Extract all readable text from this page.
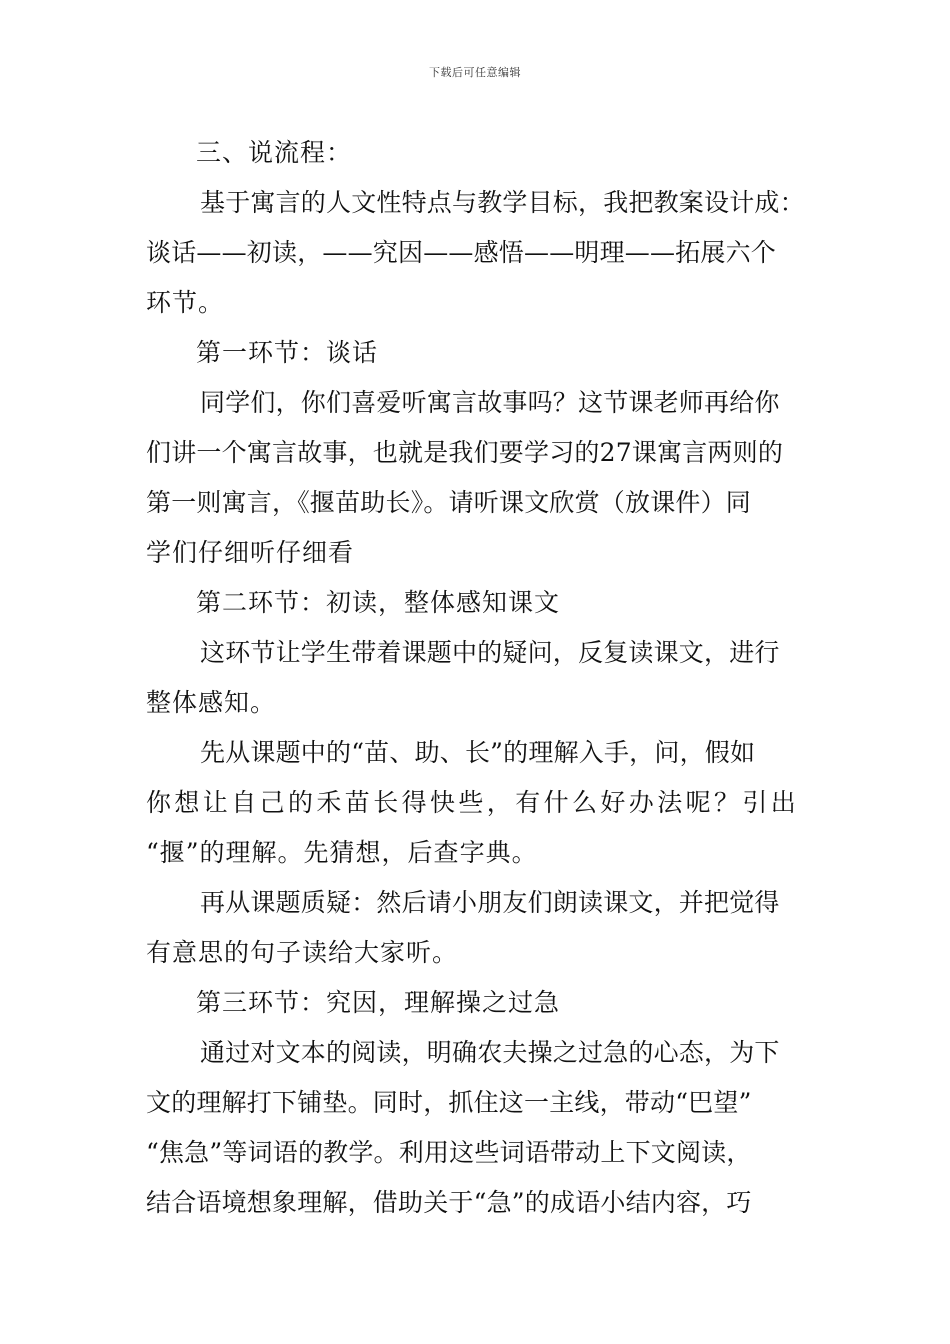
下载后可任意编辑
三、说流程：
基于寓言的人文性特点与教学目标，我把教案设计成：
谈话——初读，——究因——感悟——明理——拓展六个
环节。
第一环节：谈话
同学们，你们喜爱听寓言故事吗？这节课老师再给你
们讲一个寓言故事，也就是我们要学习的27课寓言两则的
第一则寓言，《揠苗助长》。请听课文欣赏（放课件）同
学们仔细听仔细看
第二环节：初读，整体感知课文
这环节让学生带着课题中的疑问，反复读课文，进行
整体感知。
先从课题中的“苗、助、长”的理解入手，问，假如
你想让自己的禾苗长得快些，有什么好办法呢？引出
“揠”的理解。先猜想，后查字典。
再从课题质疑：然后请小朋友们朗读课文，并把觉得
有意思的句子读给大家听。
第三环节：究因，理解操之过急
通过对文本的阅读，明确农夫操之过急的心态，为下
文的理解打下铺垫。同时，抓住这一主线，带动“巴望”
“焦急”等词语的教学。利用这些词语带动上下文阅读，
结合语境想象理解，借助关于“急”的成语小结内容，巧
